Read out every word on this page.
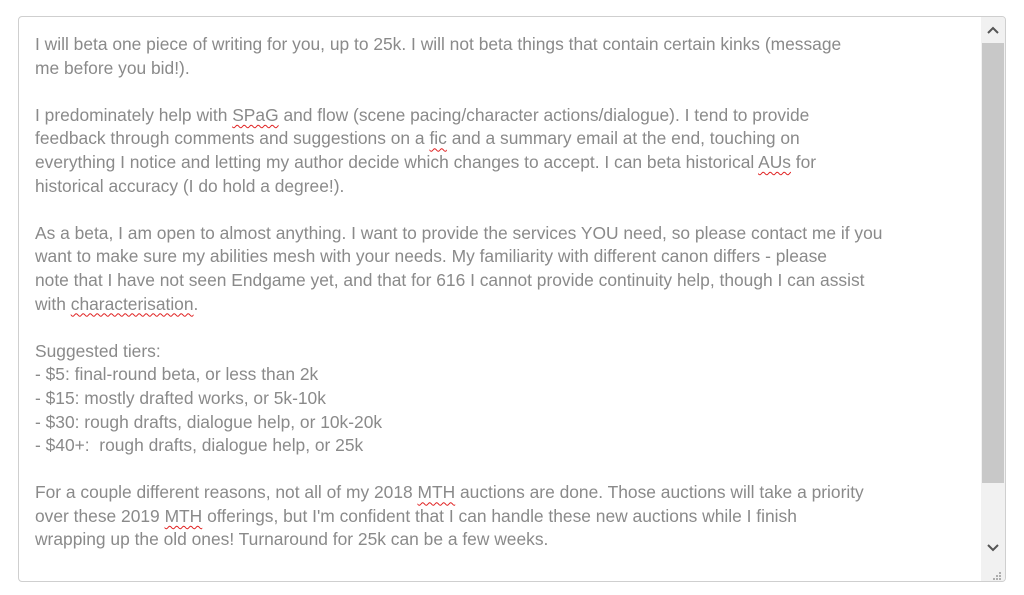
I will beta one piece of writing for you, up to 25k. I will not beta things that contain certain kinks (message
me before you bid!).
I predominately help with SPaG and flow (scene pacing/character actions/dialogue). I tend to provide
feedback through comments and suggestions on a fic and a summary email at the end, touching on
everything I notice and letting my author decide which changes to accept. I can beta historical AUs for
historical accuracy (I do hold a degree!).
As a beta, I am open to almost anything. I want to provide the services YOU need, so please contact me if you
want to make sure my abilities mesh with your needs. My familiarity with different canon differs - please
note that I have not seen Endgame yet, and that for 616 I cannot provide continuity help, though I can assist
with characterisation.
Suggested tiers:
- $5: final-round beta, or less than 2k
- $15: mostly drafted works, or 5k-10k
- $30: rough drafts, dialogue help, or 10k-20k
- $40+:  rough drafts, dialogue help, or 25k
For a couple different reasons, not all of my 2018 MTH auctions are done. Those auctions will take a priority
over these 2019 MTH offerings, but I'm confident that I can handle these new auctions while I finish
wrapping up the old ones! Turnaround for 25k can be a few weeks.
